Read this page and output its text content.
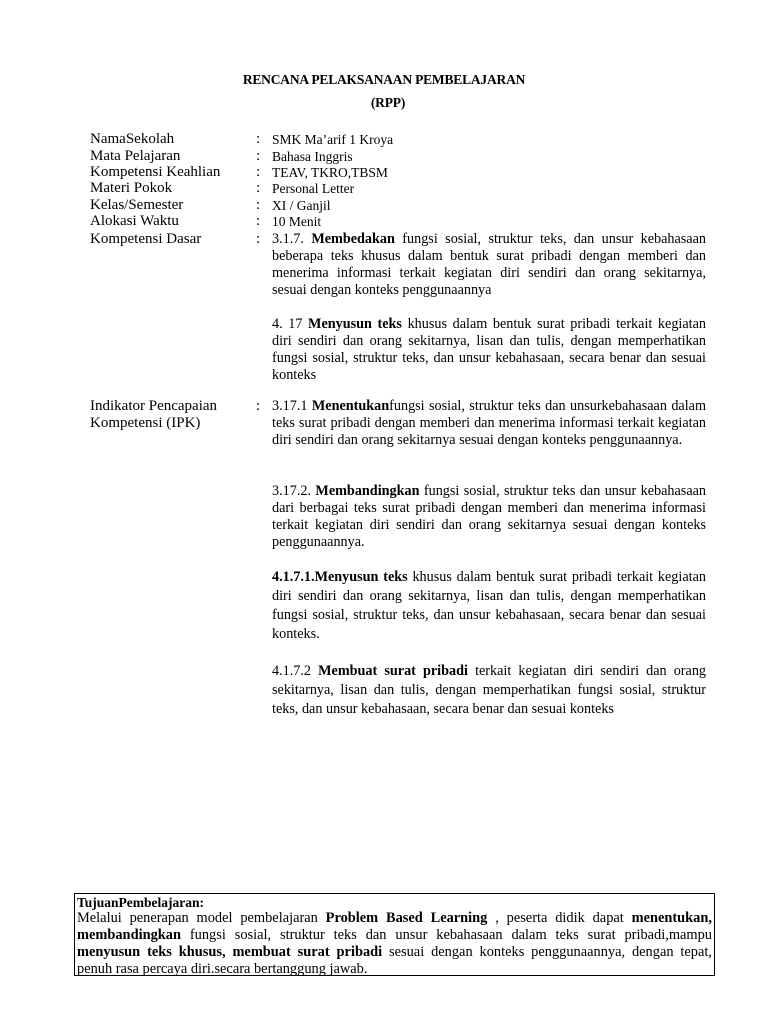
RENCANA PELAKSANAAN PEMBELAJARAN
(RPP)
NamaSekolah	: SMK Ma’arif 1 Kroya
Mata Pelajaran	: Bahasa Inggris
Kompetensi Keahlian : TEAV, TKRO,TBSM
Materi Pokok	: Personal Letter
Kelas/Semester	: XI / Ganjil
Alokasi Waktu	: 10 Menit
Kompetensi Dasar	: 3.1.7. Membedakan fungsi sosial, struktur teks, dan unsur kebahasaan beberapa teks khusus dalam bentuk surat pribadi dengan memberi dan menerima informasi terkait kegiatan diri sendiri dan orang sekitarnya, sesuai dengan konteks penggunaannya
4. 17 Menyusun teks khusus dalam bentuk surat pribadi terkait kegiatan diri sendiri dan orang sekitarnya, lisan dan tulis, dengan memperhatikan fungsi sosial, struktur teks, dan unsur kebahasaan, secara benar dan sesuai konteks
Indikator Pencapaian
Kompetensi (IPK)
: 3.17.1 Menentukanfungsi sosial, struktur teks dan unsurkebahasaan dalam teks surat pribadi dengan memberi dan menerima informasi terkait kegiatan diri sendiri dan orang sekitarnya sesuai dengan konteks penggunaannya.
3.17.2. Membandingkan fungsi sosial, struktur teks dan unsur kebahasaan dari berbagai teks surat pribadi dengan memberi dan menerima informasi terkait kegiatan diri sendiri dan orang sekitarnya sesuai dengan konteks penggunaannya.
4.1.7.1.Menyusun teks khusus dalam bentuk surat pribadi terkait kegiatan diri sendiri dan orang sekitarnya, lisan dan tulis, dengan memperhatikan fungsi sosial, struktur teks, dan unsur kebahasaan, secara benar dan sesuai konteks.
4.1.7.2 Membuat surat pribadi terkait kegiatan diri sendiri dan orang sekitarnya, lisan dan tulis, dengan memperhatikan fungsi sosial, struktur teks, dan unsur kebahasaan, secara benar dan sesuai konteks
TujuanPembelajaran:
Melalui penerapan model pembelajaran Problem Based Learning , peserta didik dapat menentukan, membandingkan fungsi sosial, struktur teks dan unsur kebahasaan dalam teks surat pribadi,mampu menyusun teks khusus, membuat surat pribadi sesuai dengan konteks penggunaannya, dengan tepat, penuh rasa percaya diri.secara bertanggung jawab.
